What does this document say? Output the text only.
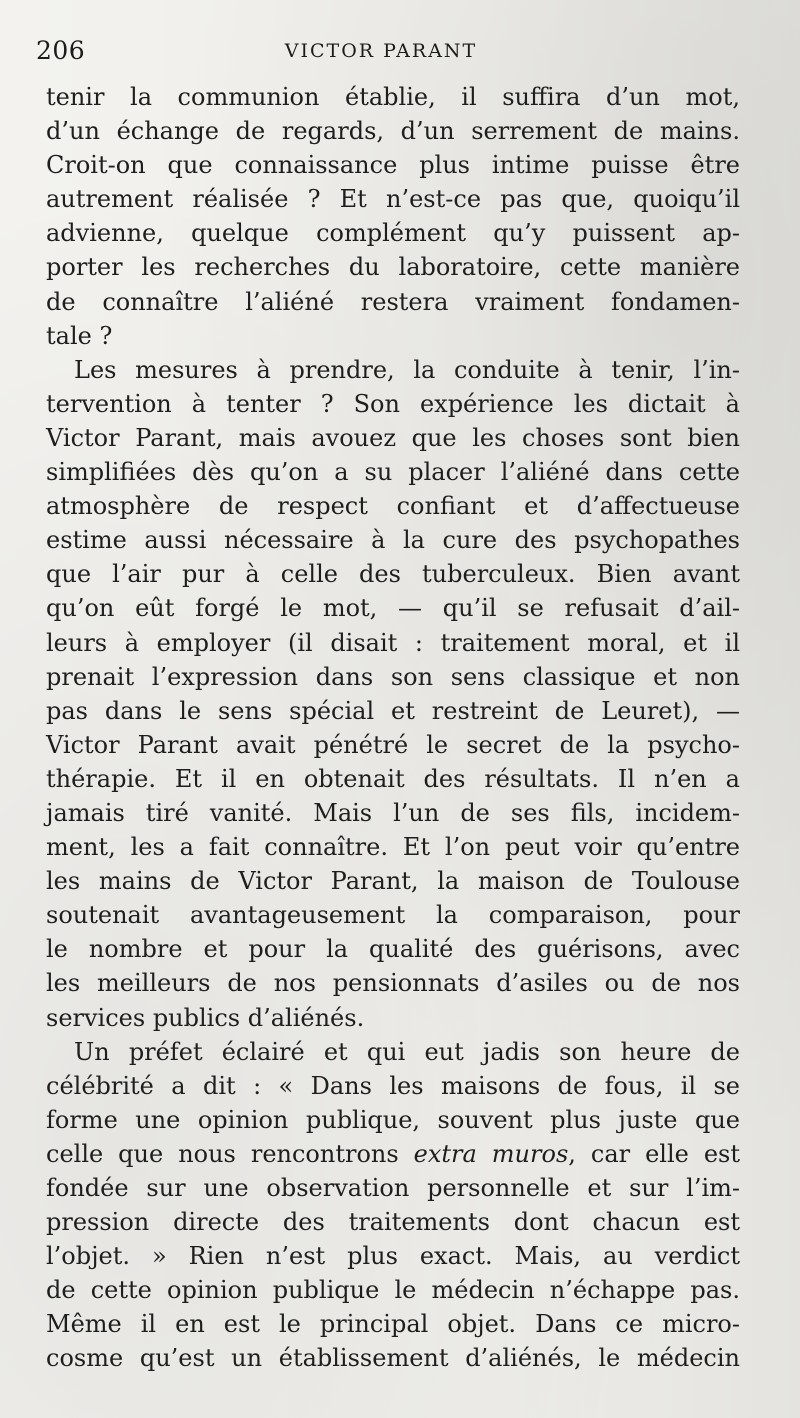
206	VICTOR PARANT
tenir la communion établie, il suffira d’un mot,
d’un échange de regards, d’un serrement de mains.
Croit-on que connaissance plus intime puisse être
autrement réalisée ? Et n’est-ce pas que, quoiqu’il
advienne, quelque complément qu’y puissent ap-
porter les recherches du laboratoire, cette manière
de connaître l’aliéné restera vraiment fondamen-
tale ?
Les mesures à prendre, la conduite à tenir, l’in-
tervention à tenter ? Son expérience les dictait à
Victor Parant, mais avouez que les choses sont bien
simplifiées dès qu’on a su placer l’aliéné dans cette
atmosphère de respect confiant et d’affectueuse
estime aussi nécessaire à la cure des psychopathes
que l’air pur à celle des tuberculeux. Bien avant
qu’on eût forgé le mot, — qu’il se refusait d’ail-
leurs à employer (il disait : traitement moral, et il
prenait l’expression dans son sens classique et non
pas dans le sens spécial et restreint de Leuret), —
Victor Parant avait pénétré le secret de la psycho-
thérapie. Et il en obtenait des résultats. Il n’en a
jamais tiré vanité. Mais l’un de ses fils, incidem-
ment, les a fait connaître. Et l’on peut voir qu’entre
les mains de Victor Parant, la maison de Toulouse
soutenait avantageusement la comparaison, pour
le nombre et pour la qualité des guérisons, avec
les meilleurs de nos pensionnats d’asiles ou de nos
services publics d’aliénés.
Un préfet éclairé et qui eut jadis son heure de
célébrité a dit : « Dans les maisons de fous, il se
forme une opinion publique, souvent plus juste que
celle que nous rencontrons extra muros, car elle est
fondée sur une observation personnelle et sur l’im-
pression directe des traitements dont chacun est
l’objet. » Rien n’est plus exact. Mais, au verdict
de cette opinion publique le médecin n’échappe pas.
Même il en est le principal objet. Dans ce micro-
cosme qu’est un établissement d’aliénés, le médecin
